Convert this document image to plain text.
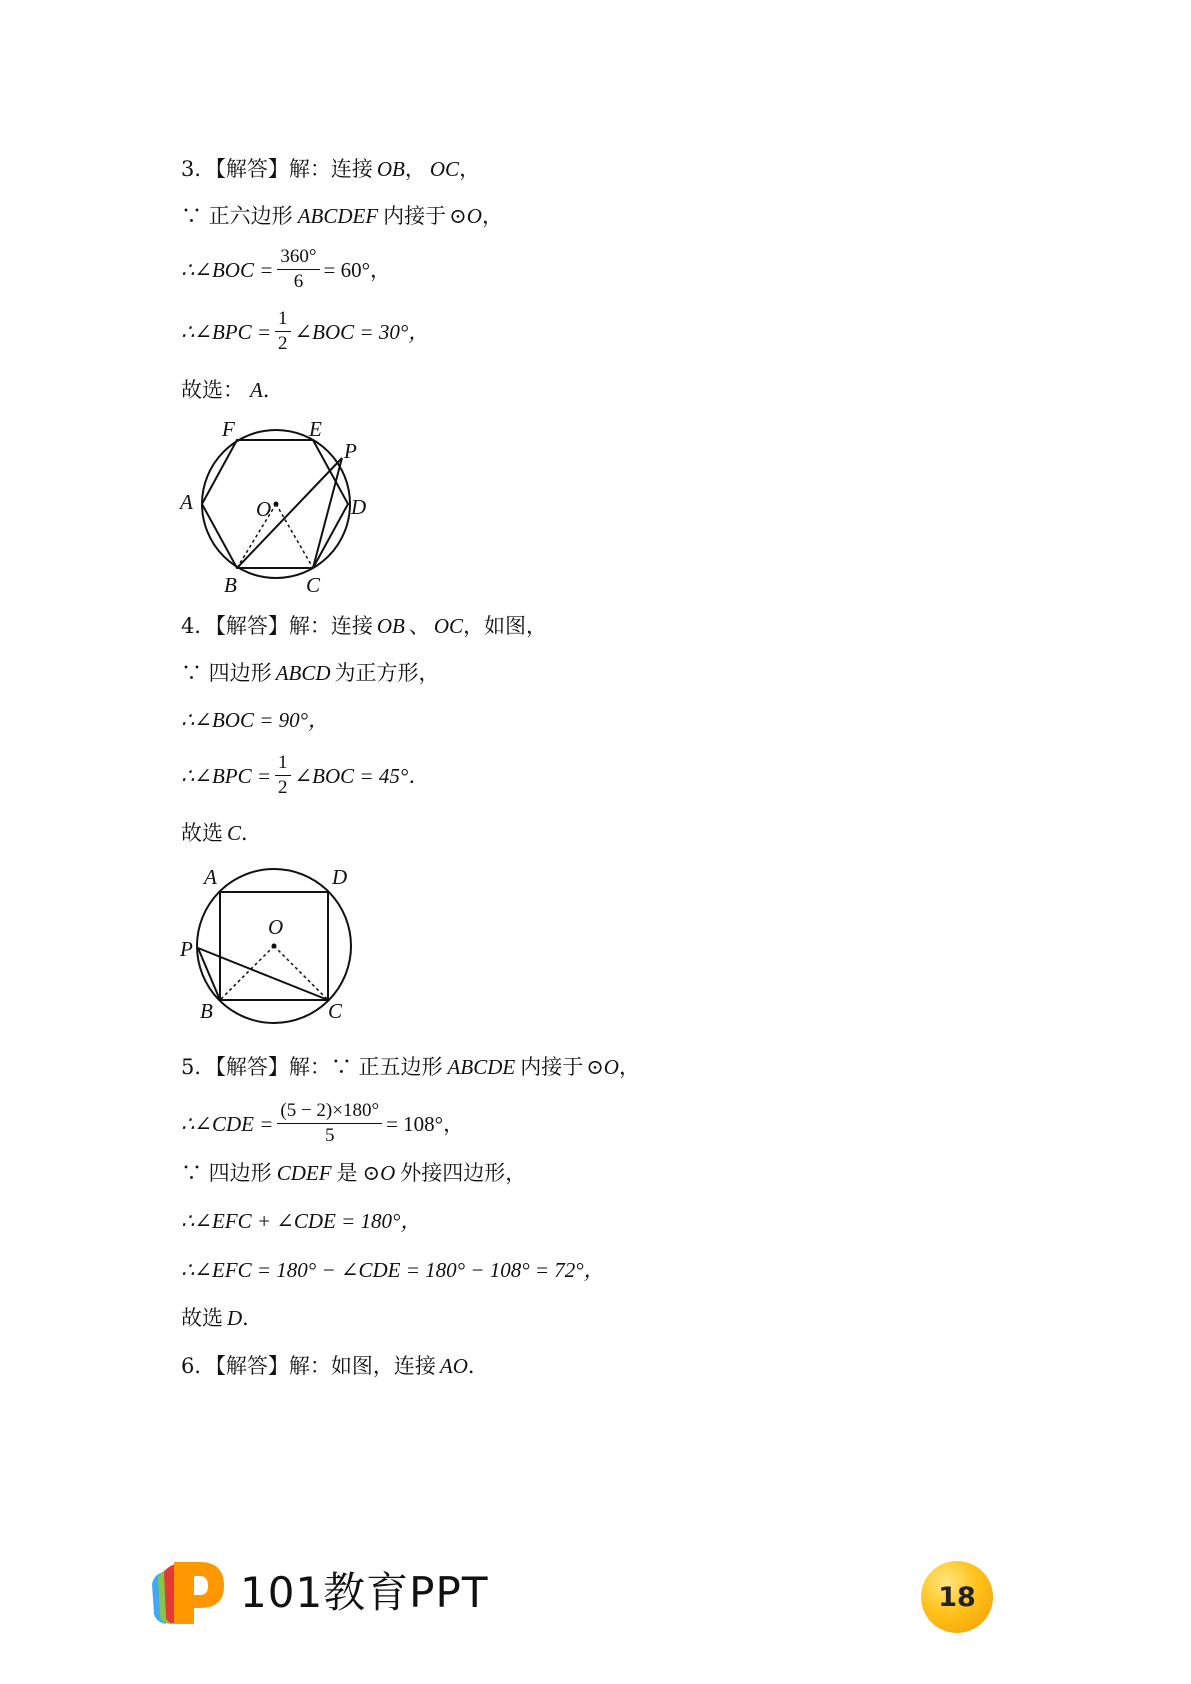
3．【解答】解：连接 OB ， OC ，
∵ 正六边形 ABCDEF 内接于 ⊙O ，
∴∠BOC = $\frac{360^\circ}{6} = 60^\circ$，
∴∠BPC = $\frac{1}{2}$ ∠BOC = 30°，
故选： A ．
F	E
P
A	O	D
B	C
4．【解答】解：连接 OB 、 OC ，如图，
∵ 四边形 ABCD 为正方形，
∴∠BOC = 90°，
∴∠BPC = $\frac{1}{2}$ ∠BOC = 45°．
故选 C ．
A	D
O
P
B	C
5．【解答】解：∵ 正五边形 ABCDE 内接于 ⊙O ，
∴∠CDE = $\frac{(5 - 2)\times 180^\circ}{5} = 108^\circ$，
∵ 四边形 CDEF 是 ⊙O 外接四边形，
∴∠EFC + ∠CDE = 180°，
∴∠EFC = 180° − ∠CDE = 180° − 108° = 72°，
故选 D ．
6．【解答】解：如图，连接 AO ．
101教育PPT	18
